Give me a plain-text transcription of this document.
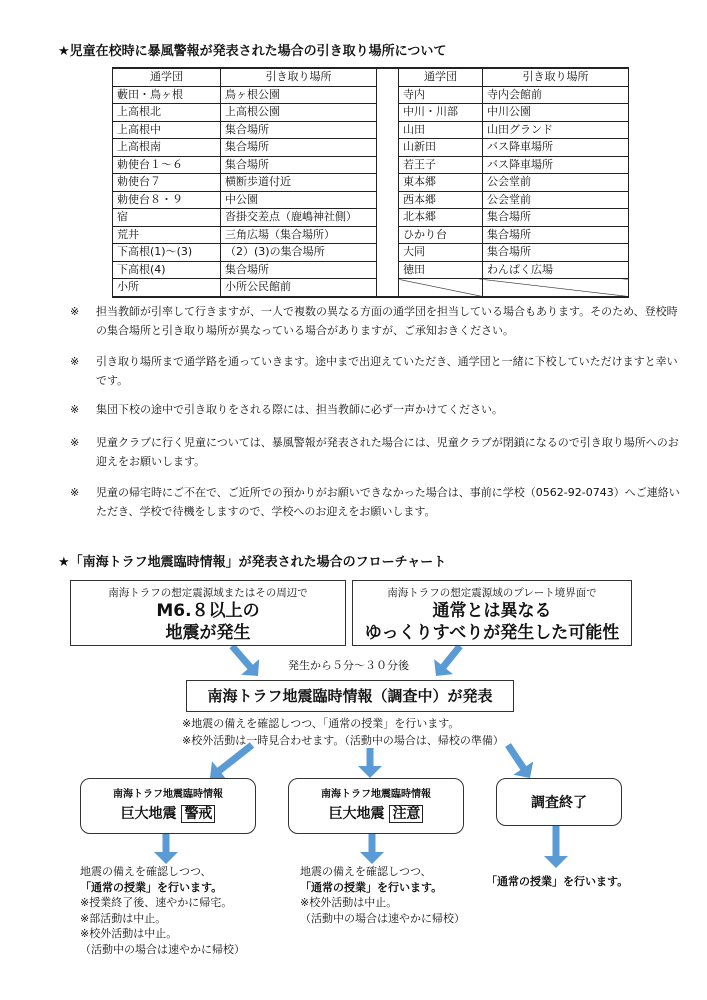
★児童在校時に暴風警報が発表された場合の引き取り場所について
通学団	引き取り場所		通学団	引き取り場所
藪田・鳥ヶ根	鳥ヶ根公園		寺内	寺内会館前
上高根北	上高根公園		中川・川部	中川公園
上高根中	集合場所		山田	山田グランド
上高根南	集合場所		山新田	バス降車場所
勅使台１～６	集合場所		若王子	バス降車場所
勅使台７	横断歩道付近		東本郷	公会堂前
勅使台８・９	中公園		西本郷	公会堂前
宿	沓掛交差点（鹿嶋神社側）		北本郷	集合場所
荒井	三角広場（集合場所）		ひかり台	集合場所
下高根(1)～(3)	（2）(3)の集合場所		大同	集合場所
下高根(4)	集合場所		徳田	わんぱく広場
小所	小所公民館前			
※ 担当教師が引率して行きますが、一人で複数の異なる方面の通学団を担当している場合もあります。そのため、登校時の集合場所と引き取り場所が異なっている場合がありますが、ご承知おきください。
※ 引き取り場所まで通学路を通っていきます。途中まで出迎えていただき、通学団と一緒に下校していただけますと幸いです。
※ 集団下校の途中で引き取りをされる際には、担当教師に必ず一声かけてください。
※ 児童クラブに行く児童については、暴風警報が発表された場合には、児童クラブが閉鎖になるので引き取り場所へのお迎えをお願いします。
※ 児童の帰宅時にご不在で、ご近所での預かりがお願いできなかった場合は、事前に学校（0562-92-0743）へご連絡いただき、学校で待機をしますので、学校へのお迎えをお願いします。
★「南海トラフ地震臨時情報」が発表された場合のフローチャート
南海トラフの想定震源域またはその周辺で
M6.８以上の
地震が発生
南海トラフの想定震源域のプレート境界面で
通常とは異なる
ゆっくりすべりが発生した可能性
発生から５分～３０分後
南海トラフ地震臨時情報（調査中）が発表
※地震の備えを確認しつつ、「通常の授業」を行います。
※校外活動は一時見合わせます。（活動中の場合は、帰校の準備）
南海トラフ地震臨時情報
巨大地震 警戒
南海トラフ地震臨時情報
巨大地震 注意
調査終了
地震の備えを確認しつつ、
「通常の授業」を行います。
※授業終了後、速やかに帰宅。
※部活動は中止。
※校外活動は中止。
（活動中の場合は速やかに帰校）
地震の備えを確認しつつ、
「通常の授業」を行います。
※校外活動は中止。
（活動中の場合は速やかに帰校）
「通常の授業」を行います。
